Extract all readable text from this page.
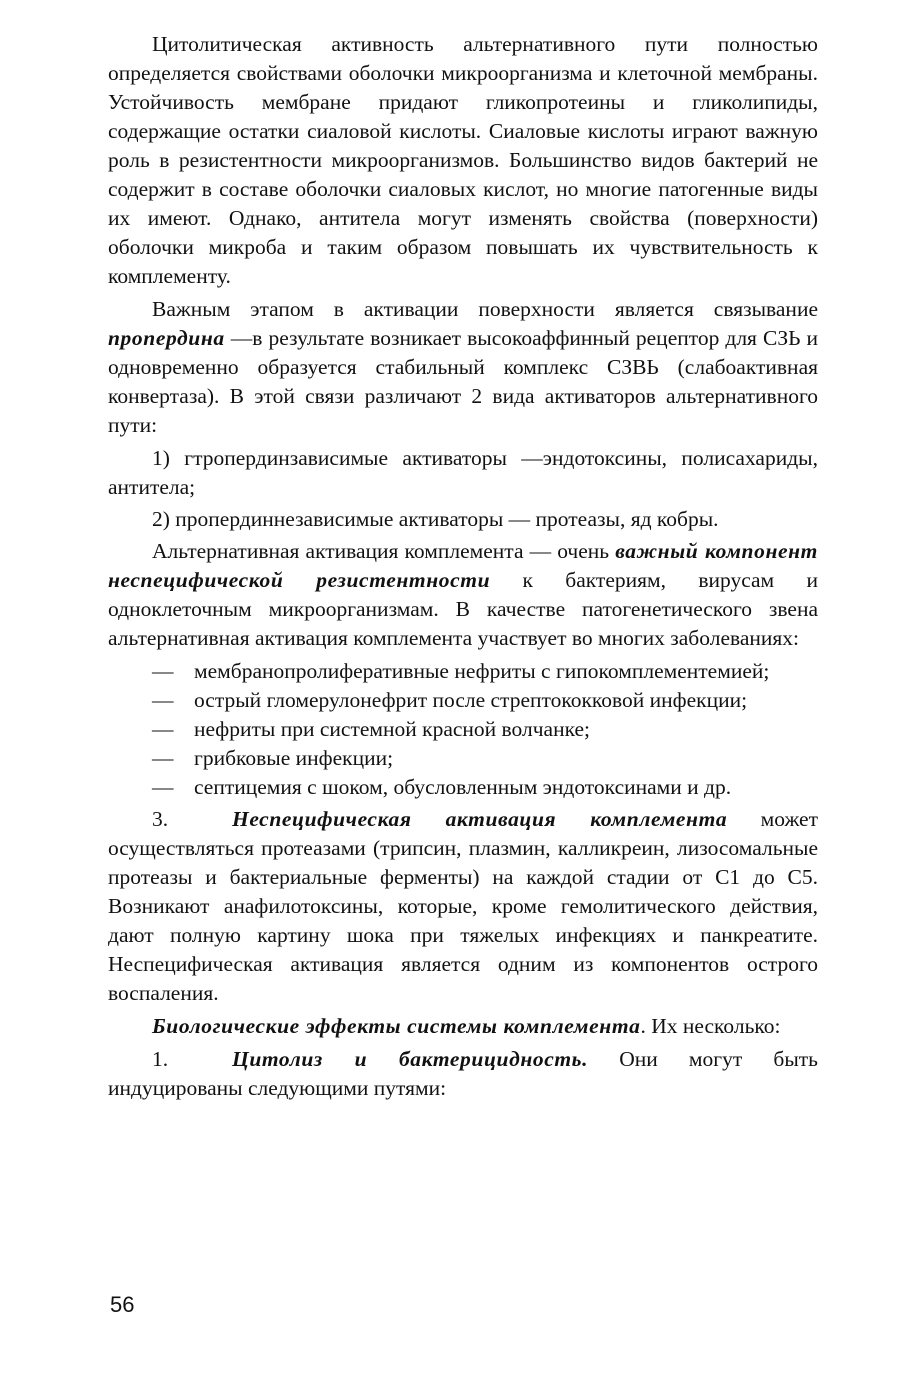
Цитолитическая активность альтернативного пути полностью определяется свойствами оболочки микроорганизма и клеточной мембраны. Устойчивость мембране придают гликопротеины и гликолипиды, содержащие остатки сиаловой кислоты. Сиаловые кислоты играют важную роль в резистентности микроорганизмов. Большинство видов бактерий не содержит в составе оболочки сиаловых кислот, но многие патогенные виды их имеют. Однако, антитела могут изменять свойства (поверхности) оболочки микроба и таким образом повышать их чувствительность к комплементу.

Важным этапом в активации поверхности является связывание пропердина —в результате возникает высокоаффинный рецептор для СЗЬ и одновременно образуется стабильный комплекс СЗВЬ (слабоактивная конвертаза). В этой связи различают 2 вида активаторов альтернативного пути:

1) гтропердинзависимые активаторы —эндотоксины, полисахариды, антитела;

2) пропердиннезависимые активаторы — протеазы, яд кобры.

Альтернативная активация комплемента — очень важный компонент неспецифической резистентности к бактериям, вирусам и одноклеточным микроорганизмам. В качестве патогенетического звена альтернативная активация комплемента участвует во многих заболеваниях:

— мембранопролиферативные нефриты с гипокомплементемией;
— острый гломерулонефрит после стрептококковой инфекции;
— нефриты при системной красной волчанке;
— грибковые инфекции;
— септицемия с шоком, обусловленным эндотоксинами и др.

3.	Неспецифическая активация комплемента может осуществляться протеазами (трипсин, плазмин, калликреин, лизосомальные протеазы и бактериальные ферменты) на каждой стадии от С1 до С5. Возникают анафилотоксины, которые, кроме гемолитического действия, дают полную картину шока при тяжелых инфекциях и панкреатите. Неспецифическая активация является одним из компонентов острого воспаления.

Биологические эффекты системы комплемента. Их несколько:

1.	Цитолиз и бактерицидность. Они могут быть индуцированы следующими путями:

56
